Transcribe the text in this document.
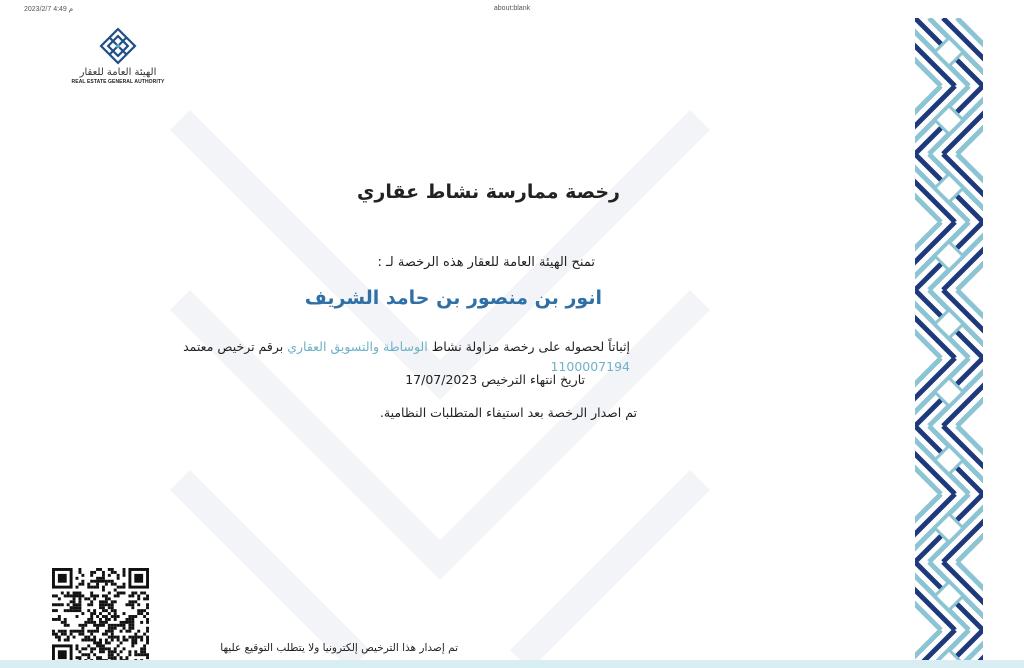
2023/2/7 4:49 م	about:blank
الهيئة العامة للعقار
REAL ESTATE GENERAL AUTHORITY
رخصة ممارسة نشاط عقاري
تمنح الهيئة العامة للعقار هذه الرخصة لـ :
انور بن منصور بن حامد الشريف
إثباتاً لحصوله على رخصة مزاولة نشاط الوساطة والتسويق العقاري برقم ترخيص معتمد 1100007194
تاريخ انتهاء الترخيص 17/07/2023
تم اصدار الرخصة بعد استيفاء المتطلبات النظامية.
تم إصدار هذا الترخيص إلكترونيا ولا يتطلب التوقيع عليها
